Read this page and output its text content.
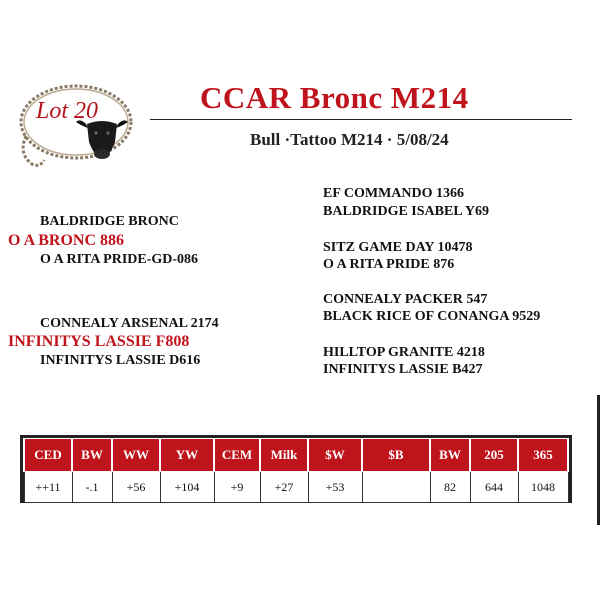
Lot 20	CCAR Bronc M214
Bull ·Tattoo M214 · 5/08/24
BALDRIDGE BRONC
O A BRONC 886
O A RITA PRIDE-GD-086
CONNEALY ARSENAL 2174
INFINITYS LASSIE F808
INFINITYS LASSIE D616
EF COMMANDO 1366
BALDRIDGE ISABEL Y69
SITZ GAME DAY 10478
O A RITA PRIDE 876
CONNEALY PACKER 547
BLACK RICE OF CONANGA 9529
HILLTOP GRANITE 4218
INFINITYS LASSIE B427
CED	BW	WW	YW	CEM	Milk	$W	$B	BW	205	365
++11	-.1	+56	+104	+9	+27	+53		82	644	1048
